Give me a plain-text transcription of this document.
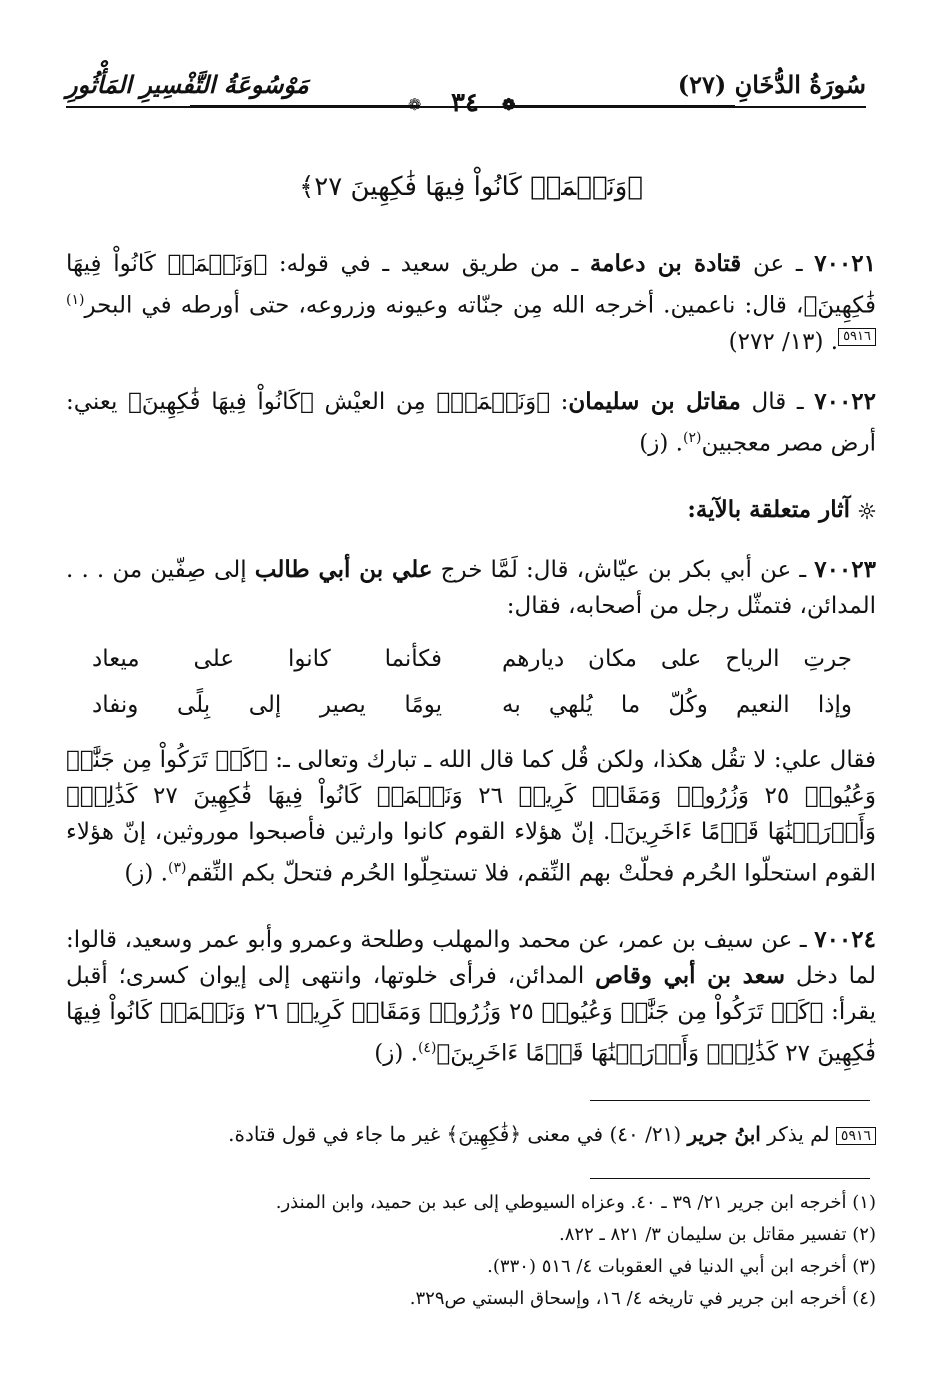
سُورَةُ الدُّخَانِ (٢٧)
مَوْسُوعَةُ التَّفْسِيرِ المَأْثُورِ
❁
٣٤
❁
﴿وَنَعۡمَةٖ كَانُواْ فِيهَا فَٰكِهِينَ ٢٧﴾
٧٠٠٢١ ـ عن قتادة بن دعامة ـ من طريق سعيد ـ في قوله: ﴿وَنَعۡمَةٖ كَانُواْ فِيهَا فَٰكِهِينَ﴾، قال: ناعمين. أخرجه الله مِن جنّاته وعيونه وزروعه، حتى أورطه في البحر$^{(١)}$٥٩١٦. (١٣/ ٢٧٢)
٧٠٠٢٢ ـ قال مقاتل بن سليمان: ﴿وَنَعۡمَةٖ﴾ مِن العيْش ﴿كَانُواْ فِيهَا فَٰكِهِينَ﴾ يعني: أرض مصر معجبين$^{(٢)}$. (ز)
آثار متعلقة بالآية:
٧٠٠٢٣ ـ عن أبي بكر بن عيّاش، قال: لَمَّا خرج علي بن أبي طالب إلى صِفّين من . . . المدائن، فتمثّل رجل من أصحابه، فقال:
جرتِ الرياح على مكان ديارهم
فكأنما كانوا على ميعاد
وإذا النعيم وكُلّ ما يُلهي به
يومًا يصير إلى بِلًى ونفاد
فقال علي: لا تقُل هكذا، ولكن قُل كما قال الله ـ تبارك وتعالى ـ: ﴿كَمۡ تَرَكُواْ مِن جَنَّٰتٖ وَعُيُونٖ ٢٥ وَزُرُوعٖ وَمَقَامٖ كَرِيمٖ ٢٦ وَنَعۡمَةٖ كَانُواْ فِيهَا فَٰكِهِينَ ٢٧ كَذَٰلِكَۖ وَأَوۡرَثۡنَٰهَا قَوۡمًا ءَاخَرِينَ﴾. إنّ هؤلاء القوم كانوا وارثين فأصبحوا موروثين، إنّ هؤلاء القوم استحلّوا الحُرم فحلّتْ بهم النِّقم، فلا تستحِلّوا الحُرم فتحلّ بكم النِّقم$^{(٣)}$. (ز)
٧٠٠٢٤ ـ عن سيف بن عمر، عن محمد والمهلب وطلحة وعمرو وأبو عمر وسعيد، قالوا: لما دخل سعد بن أبي وقاص المدائن، فرأى خلوتها، وانتهى إلى إيوان كسرى؛ أقبل يقرأ: ﴿كَمۡ تَرَكُواْ مِن جَنَّٰتٖ وَعُيُونٖ ٢٥ وَزُرُوعٖ وَمَقَامٖ كَرِيمٖ ٢٦ وَنَعۡمَةٖ كَانُواْ فِيهَا فَٰكِهِينَ ٢٧ كَذَٰلِكَۖ وَأَوۡرَثۡنَٰهَا قَوۡمًا ءَاخَرِينَ﴾$^{(٤)}$. (ز)
٥٩١٦ لم يذكر ابنُ جرير (٢١/ ٤٠) في معنى ﴿فَٰكِهِينَ﴾ غير ما جاء في قول قتادة.
(١) أخرجه ابن جرير ٢١/ ٣٩ ـ ٤٠. وعزاه السيوطي إلى عبد بن حميد، وابن المنذر.
(٢) تفسير مقاتل بن سليمان ٣/ ٨٢١ ـ ٨٢٢.
(٣) أخرجه ابن أبي الدنيا في العقوبات ٤/ ٥١٦ (٣٣٠).
(٤) أخرجه ابن جرير في تاريخه ٤/ ١٦، وإسحاق البستي ص٣٢٩.
